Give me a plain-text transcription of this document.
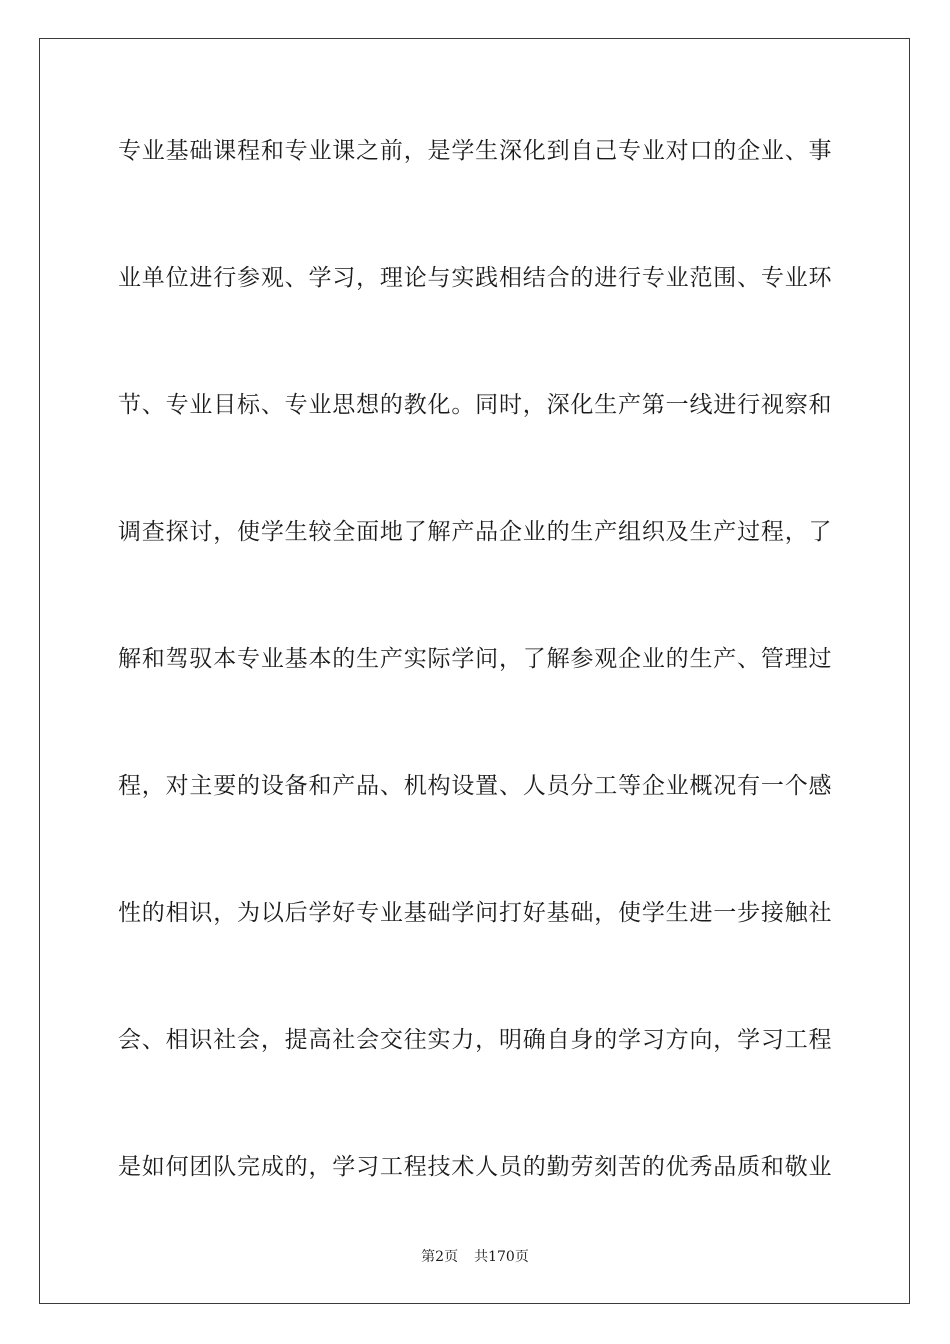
专业基础课程和专业课之前，是学生深化到自己专业对口的企业、事
业单位进行参观、学习，理论与实践相结合的进行专业范围、专业环
节、专业目标、专业思想的教化。同时，深化生产第一线进行视察和
调查探讨，使学生较全面地了解产品企业的生产组织及生产过程，了
解和驾驭本专业基本的生产实际学问，了解参观企业的生产、管理过
程，对主要的设备和产品、机构设置、人员分工等企业概况有一个感
性的相识，为以后学好专业基础学问打好基础，使学生进一步接触社
会、相识社会，提高社会交往实力，明确自身的学习方向，学习工程
是如何团队完成的，学习工程技术人员的勤劳刻苦的优秀品质和敬业
第2页 共170页
